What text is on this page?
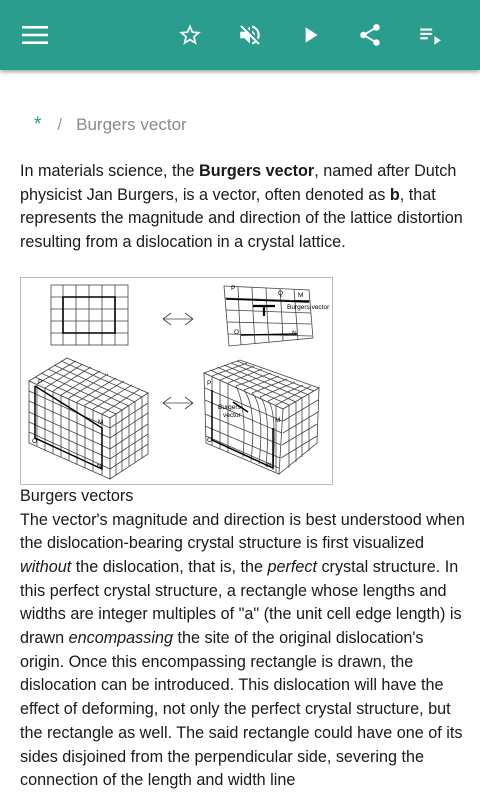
* / Burgers vector

In materials science, the Burgers vector, named after Dutch physicist Jan Burgers, is a vector, often denoted as b, that represents the magnitude and direction of the lattice distortion resulting from a dislocation in a crystal lattice.

P
Q M
Burgers vector
O	N
P
M
O
N
P
Burgers
vector
M
O
N

Burgers vectors

The vector's magnitude and direction is best understood when the dislocation-bearing crystal structure is first visualized without the dislocation, that is, the perfect crystal structure. In this perfect crystal structure, a rectangle whose lengths and widths are integer multiples of "a" (the unit cell edge length) is drawn encompassing the site of the original dislocation's origin. Once this encompassing rectangle is drawn, the dislocation can be introduced. This dislocation will have the effect of deforming, not only the perfect crystal structure, but the rectangle as well. The said rectangle could have one of its sides disjoined from the perpendicular side, severing the connection of the length and width line
